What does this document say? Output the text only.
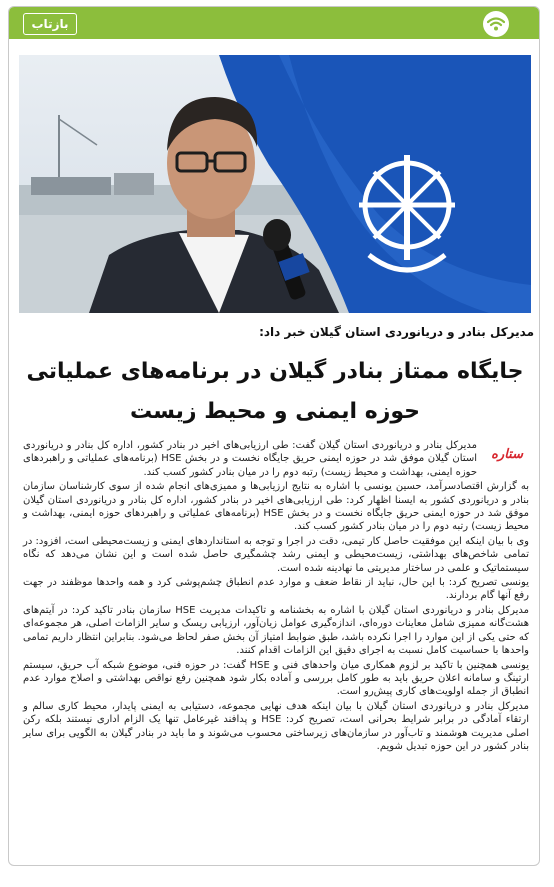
بازتاب
مدیرکل بنادر و دریانوردی استان گیلان خبر داد:
جایگاه ممتاز بنادر گیلان در برنامه‌های عملیاتی
حوزه ایمنی و محیط زیست
ستاره

مدیرکل بنادر و دریانوردی استان گیلان گفت: طی ارزیابی‌های اخیر در بنادر کشور، اداره کل بنادر و دریانوردی استان گیلان موفق شد در حوزه ایمنی حریق جایگاه نخست و در بخش HSE (برنامه‌های عملیاتی و راهبردهای حوزه ایمنی، بهداشت و محیط زیست) رتبه دوم را در میان بنادر کشور کسب کند.

به گزارش اقتصادسرآمد، حسین یونسی با اشاره به نتایج ارزیابی‌ها و ممیزی‌های انجام شده از سوی کارشناسان سازمان بنادر و دریانوردی کشور به ایسنا اظهار کرد: طی ارزیابی‌های اخیر در بنادر کشور، اداره کل بنادر و دریانوردی استان گیلان موفق شد در حوزه ایمنی حریق جایگاه نخست و در بخش HSE (برنامه‌های عملیاتی و راهبردهای حوزه ایمنی، بهداشت و محیط زیست) رتبه دوم را در میان بنادر کشور کسب کند.

وی با بیان اینکه این موفقیت حاصل کار تیمی، دقت در اجرا و توجه به استانداردهای ایمنی و زیست‌محیطی است، افزود: در تمامی شاخص‌های بهداشتی، زیست‌محیطی و ایمنی رشد چشمگیری حاصل شده است و این نشان می‌دهد که نگاه سیستماتیک و علمی در ساختار مدیریتی ما نهادینه شده است.

یونسی تصریح کرد: با این حال، نباید از نقاط ضعف و موارد عدم انطباق چشم‌پوشی کرد و همه واحدها موظفند در جهت رفع آنها گام بردارند.

مدیرکل بنادر و دریانوردی استان گیلان با اشاره به بخشنامه و تاکیدات مدیریت HSE سازمان بنادر تاکید کرد: در آیتم‌های هشت‌گانه ممیزی شامل معاینات دوره‌ای، اندازه‌گیری عوامل زیان‌آور، ارزیابی ریسک و سایر الزامات اصلی، هر مجموعه‌ای که حتی یکی از این موارد را اجرا نکرده باشد، طبق ضوابط امتیاز آن بخش صفر لحاظ می‌شود. بنابراین انتظار داریم تمامی واحدها با حساسیت کامل نسبت به اجرای دقیق این الزامات اقدام کنند.

یونسی همچنین با تاکید بر لزوم همکاری میان واحدهای فنی و HSE گفت: در حوزه فنی، موضوع شبکه آب حریق، سیستم ارتینگ و سامانه اعلان حریق باید به طور کامل بررسی و آماده بکار شود همچنین رفع نواقص بهداشتی و اصلاح موارد عدم انطباق از جمله اولویت‌های کاری پیش‌رو است.

مدیرکل بنادر و دریانوردی استان گیلان با بیان اینکه هدف نهایی مجموعه، دستیابی به ایمنی پایدار، محیط کاری سالم و ارتقاء آمادگی در برابر شرایط بحرانی است، تصریح کرد: HSE و پدافند غیرعامل تنها یک الزام اداری نیستند بلکه رکن اصلی مدیریت هوشمند و تاب‌آور در سازمان‌های زیرساختی محسوب می‌شوند و ما باید در بنادر گیلان به الگویی برای سایر بنادر کشور در این حوزه تبدیل شویم.
